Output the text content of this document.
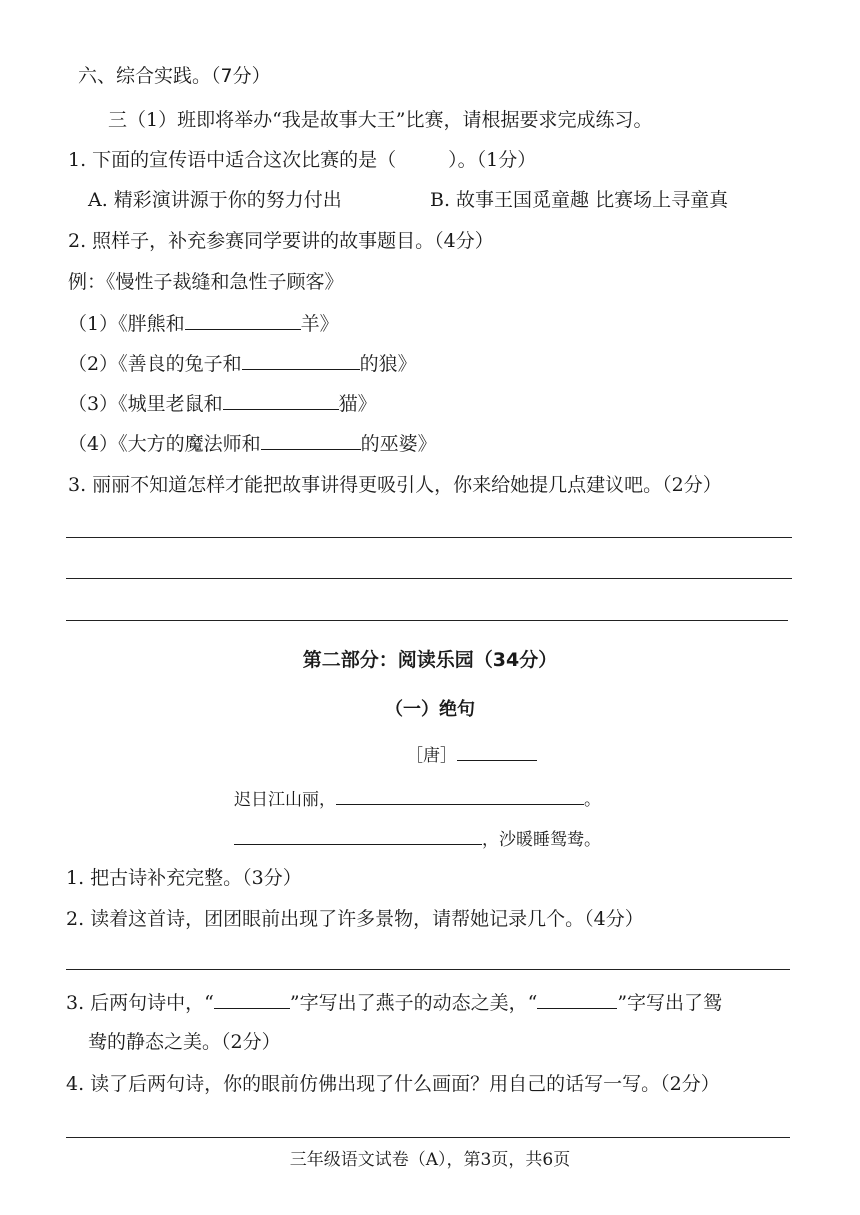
六、综合实践。（7分）
三（1）班即将举办“我是故事大王”比赛，请根据要求完成练习。
1. 下面的宣传语中适合这次比赛的是（	）。（1分）
A. 精彩演讲源于你的努力付出	B. 故事王国觅童趣 比赛场上寻童真
2. 照样子，补充参赛同学要讲的故事题目。（4分）
例：《慢性子裁缝和急性子顾客》
（1）《胖熊和	羊》
（2）《善良的兔子和	的狼》
（3）《城里老鼠和	猫》
（4）《大方的魔法师和	的巫婆》
3. 丽丽不知道怎样才能把故事讲得更吸引人，你来给她提几点建议吧。（2分）
第二部分：阅读乐园（34分）
（一）绝句
［唐］
迟日江山丽，	。
，沙暖睡鸳鸯。
1. 把古诗补充完整。（3分）
2. 读着这首诗，团团眼前出现了许多景物，请帮她记录几个。（4分）
3. 后两句诗中，“	”字写出了燕子的动态之美，“	”字写出了鸳
鸯的静态之美。（2分）
4. 读了后两句诗，你的眼前仿佛出现了什么画面？用自己的话写一写。（2分）
三年级语文试卷（A），第3页，共6页
